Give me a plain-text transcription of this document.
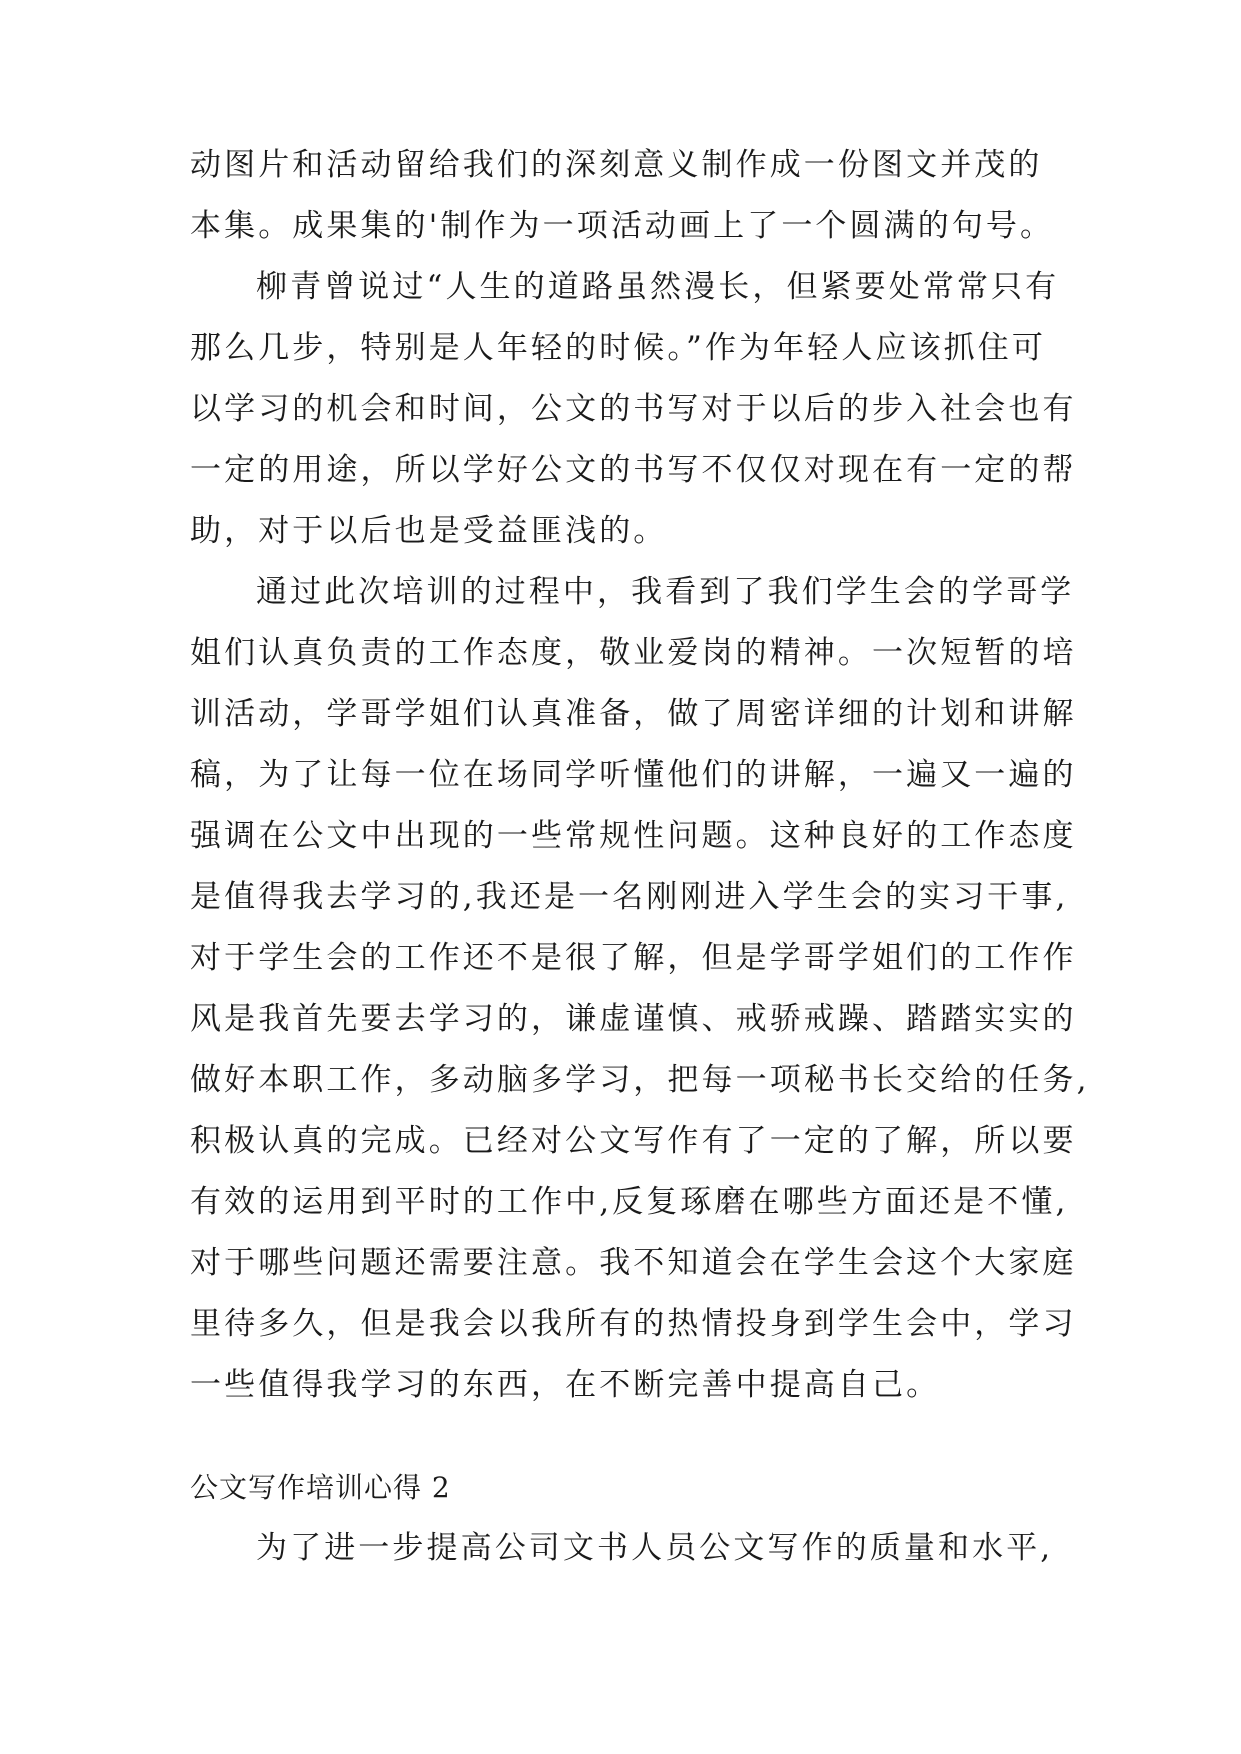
动图片和活动留给我们的深刻意义制作成一份图文并茂的
本集。成果集的'制作为一项活动画上了一个圆满的句号。
柳青曾说过“人生的道路虽然漫长，但紧要处常常只有
那么几步，特别是人年轻的时候。”作为年轻人应该抓住可
以学习的机会和时间，公文的书写对于以后的步入社会也有
一定的用途，所以学好公文的书写不仅仅对现在有一定的帮
助，对于以后也是受益匪浅的。
通过此次培训的过程中，我看到了我们学生会的学哥学
姐们认真负责的工作态度，敬业爱岗的精神。一次短暂的培
训活动，学哥学姐们认真准备，做了周密详细的计划和讲解
稿，为了让每一位在场同学听懂他们的讲解，一遍又一遍的
强调在公文中出现的一些常规性问题。这种良好的工作态度
是值得我去学习的,我还是一名刚刚进入学生会的实习干事,
对于学生会的工作还不是很了解，但是学哥学姐们的工作作
风是我首先要去学习的，谦虚谨慎、戒骄戒躁、踏踏实实的
做好本职工作，多动脑多学习，把每一项秘书长交给的任务,
积极认真的完成。已经对公文写作有了一定的了解，所以要
有效的运用到平时的工作中,反复琢磨在哪些方面还是不懂,
对于哪些问题还需要注意。我不知道会在学生会这个大家庭
里待多久，但是我会以我所有的热情投身到学生会中，学习
一些值得我学习的东西，在不断完善中提高自己。
公文写作培训心得 2
为了进一步提高公司文书人员公文写作的质量和水平,
